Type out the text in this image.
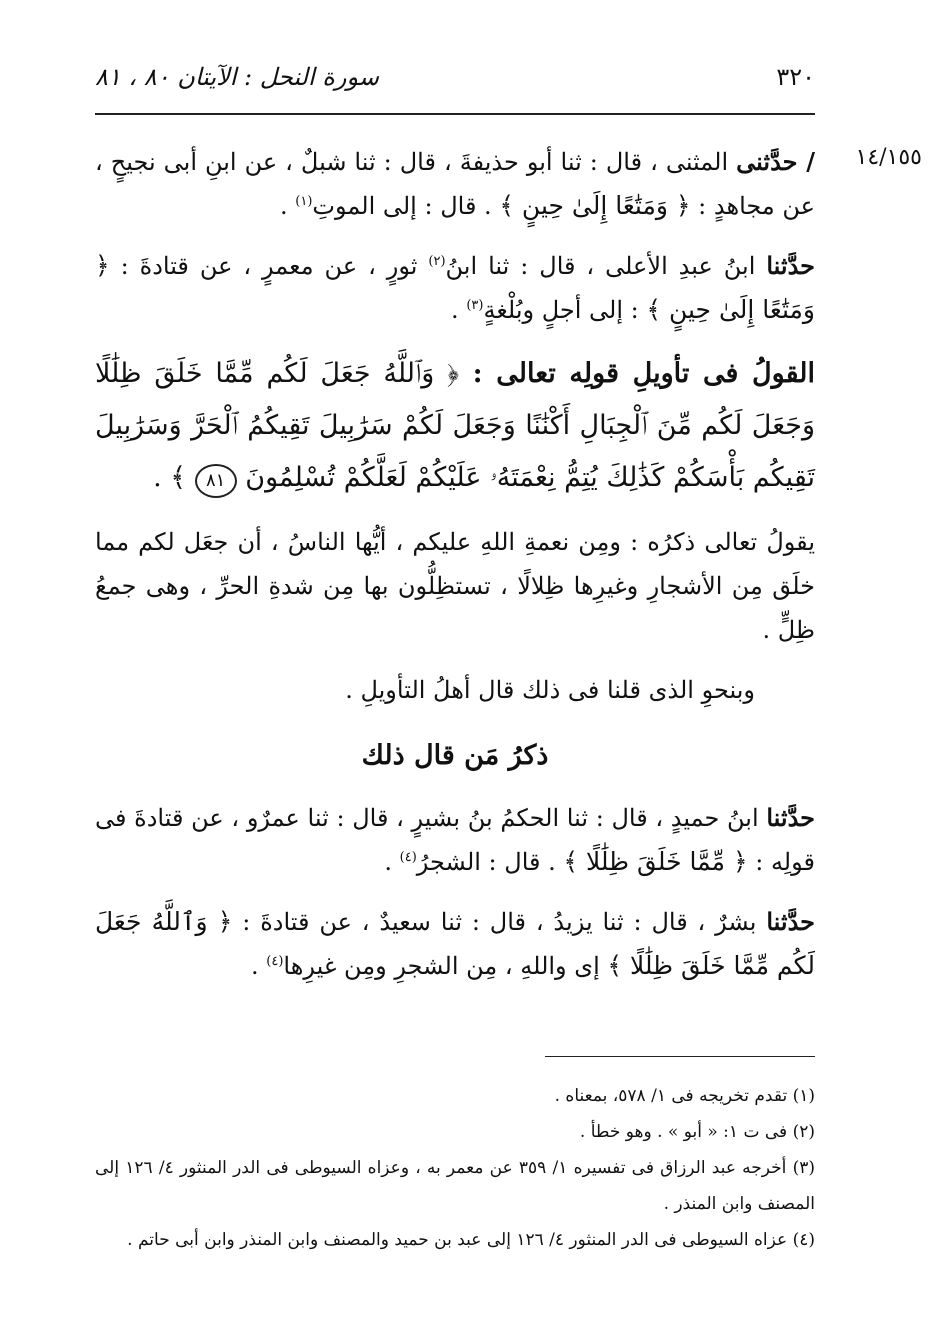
٣٢٠
سورة النحل : الآيتان ٨٠ ، ٨١
١٤/١٥٥

/ حدَّثنى المثنى ، قال : ثنا أبو حذيفةَ ، قال : ثنا شبلٌ ، عن ابنِ أبى نجيحٍ ، عن مجاهدٍ : ﴿ وَمَتَٰعًا إِلَىٰ حِينٍ ﴾ . قال : إلى الموتِ$^{(١)}$ .

حدَّثنا ابنُ عبدِ الأعلى ، قال : ثنا ابنُ$^{(٢)}$ ثورٍ ، عن معمرٍ ، عن قتادةَ : ﴿ وَمَتَٰعًا إِلَىٰ حِينٍ ﴾ : إلى أجلٍ وبُلْغةٍ$^{(٣)}$ .

القولُ فى تأويلِ قولِه تعالى : ﴿ وَٱللَّهُ جَعَلَ لَكُم مِّمَّا خَلَقَ ظِلَٰلًا وَجَعَلَ لَكُم مِّنَ ٱلْجِبَالِ أَكْنَٰنًا وَجَعَلَ لَكُمْ سَرَٰبِيلَ تَقِيكُمُ ٱلْحَرَّ وَسَرَٰبِيلَ تَقِيكُم بَأْسَكُمْ كَذَٰلِكَ يُتِمُّ نِعْمَتَهُۥ عَلَيْكُمْ لَعَلَّكُمْ تُسْلِمُونَ ٨١ ﴾ .

يقولُ تعالى ذكرُه : ومِن نعمةِ اللهِ عليكم ، أيُّها الناسُ ، أن جعَل لكم مما خلَق مِن الأشجارِ وغيرِها ظِلالًا ، تستظِلُّون بها مِن شدةِ الحرِّ ، وهى جمعُ ظِلٍّ .

وبنحوِ الذى قلنا فى ذلك قال أهلُ التأويلِ .

ذكرُ مَن قال ذلك

حدَّثنا ابنُ حميدٍ ، قال : ثنا الحكمُ بنُ بشيرٍ ، قال : ثنا عمرٌو ، عن قتادةَ فى قولِه : ﴿ مِّمَّا خَلَقَ ظِلَٰلًا ﴾ . قال : الشجرُ$^{(٤)}$ .

حدَّثنا بشرٌ ، قال : ثنا يزيدُ ، قال : ثنا سعيدٌ ، عن قتادةَ : ﴿ وَٱللَّهُ جَعَلَ لَكُم مِّمَّا خَلَقَ ظِلَٰلًا ﴾ إى واللهِ ، مِن الشجرِ ومِن غيرِها$^{(٤)}$ .

(١) تقدم تخريجه فى ١/ ٥٧٨، بمعناه .

(٢) فى ت ١: « أبو » . وهو خطأ .

(٣) أخرجه عبد الرزاق فى تفسيره ١/ ٣٥٩ عن معمر به ، وعزاه السيوطى فى الدر المنثور ٤/ ١٢٦ إلى المصنف وابن المنذر .

(٤) عزاه السيوطى فى الدر المنثور ٤/ ١٢٦ إلى عبد بن حميد والمصنف وابن المنذر وابن أبى حاتم .
